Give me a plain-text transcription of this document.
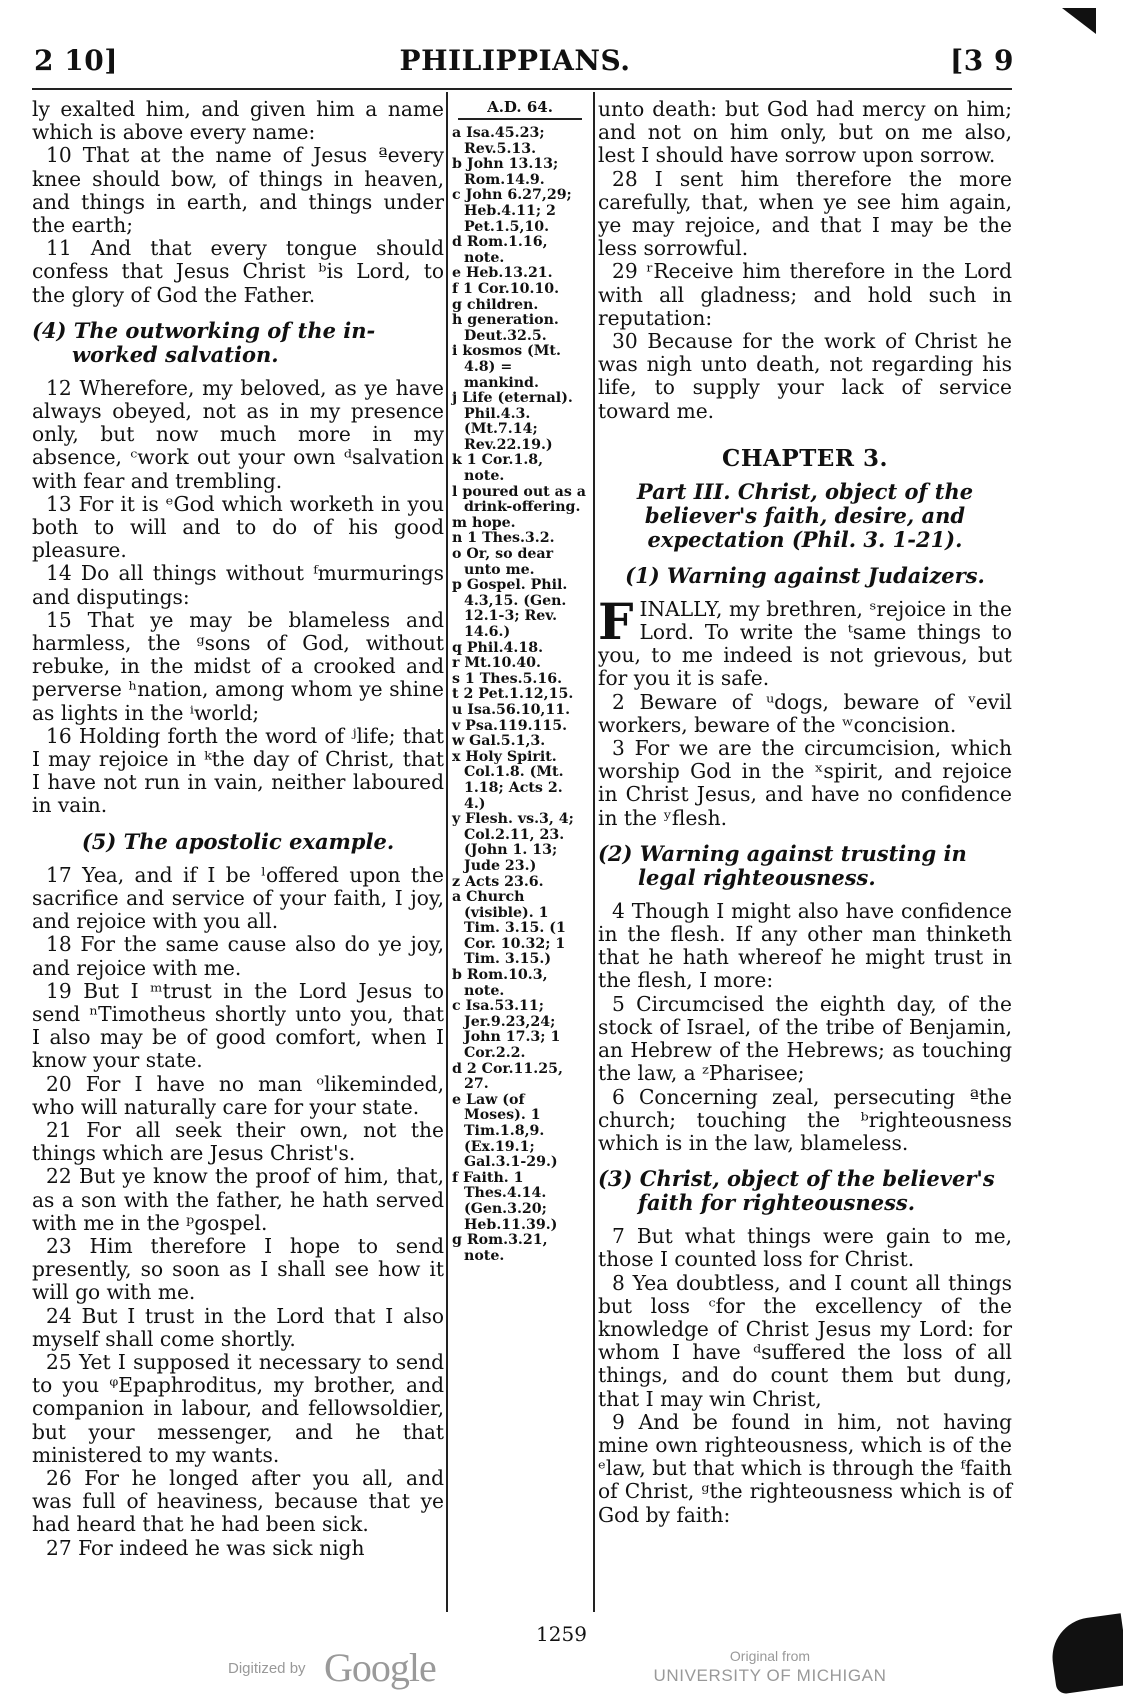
2 10]	PHILIPPIANS.	[3 9
ly exalted him, and given him a name which is above every name:
10 That at the name of Jesus ªevery knee should bow, of things in heaven, and things in earth, and things under the earth;
11 And that every tongue should confess that Jesus Christ ᵇis Lord, to the glory of God the Father.
(4) The outworking of the in-worked salvation.
12 Wherefore, my beloved, as ye have always obeyed, not as in my presence only, but now much more in my absence, ᶜwork out your own ᵈsalvation with fear and trembling.
13 For it is ᵉGod which worketh in you both to will and to do of his good pleasure.
14 Do all things without ᶠmurmurings and disputings:
15 That ye may be blameless and harmless, the ᵍsons of God, without rebuke, in the midst of a crooked and perverse ʰnation, among whom ye shine as lights in the ⁱworld;
16 Holding forth the word of ʲlife; that I may rejoice in ᵏthe day of Christ, that I have not run in vain, neither laboured in vain.
(5) The apostolic example.
17 Yea, and if I be ˡoffered upon the sacrifice and service of your faith, I joy, and rejoice with you all.
18 For the same cause also do ye joy, and rejoice with me.
19 But I ᵐtrust in the Lord Jesus to send ⁿTimotheus shortly unto you, that I also may be of good comfort, when I know your state.
20 For I have no man ᵒlikeminded, who will naturally care for your state.
21 For all seek their own, not the things which are Jesus Christ's.
22 But ye know the proof of him, that, as a son with the father, he hath served with me in the ᵖgospel.
23 Him therefore I hope to send presently, so soon as I shall see how it will go with me.
24 But I trust in the Lord that I also myself shall come shortly.
25 Yet I supposed it necessary to send to you ᵠEpaphroditus, my brother, and companion in labour, and fellowsoldier, but your messenger, and he that ministered to my wants.
26 For he longed after you all, and was full of heaviness, because that ye had heard that he had been sick.
27 For indeed he was sick nigh
A.D. 64.
a Isa.45.23; Rev.5.13.
b John 13.13; Rom.14.9.
c John 6.27,29; Heb.4.11; 2 Pet.1.5,10.
d Rom.1.16, note.
e Heb.13.21.
f 1 Cor.10.10.
g children.
h generation. Deut.32.5.
i kosmos (Mt. 4.8) = mankind.
j Life (eternal). Phil.4.3. (Mt.7.14; Rev.22.19.)
k 1 Cor.1.8, note.
l poured out as a drink-offering.
m hope.
n 1 Thes.3.2.
o Or, so dear unto me.
p Gospel. Phil. 4.3,15. (Gen. 12.1-3; Rev. 14.6.)
q Phil.4.18.
r Mt.10.40.
s 1 Thes.5.16.
t 2 Pet.1.12,15.
u Isa.56.10,11.
v Psa.119.115.
w Gal.5.1,3.
x Holy Spirit. Col.1.8. (Mt. 1.18; Acts 2. 4.)
y Flesh. vs.3, 4; Col.2.11, 23. (John 1. 13; Jude 23.)
z Acts 23.6.
a Church (visible). 1 Tim. 3.15. (1 Cor. 10.32; 1 Tim. 3.15.)
b Rom.10.3, note.
c Isa.53.11; Jer.9.23,24; John 17.3; 1 Cor.2.2.
d 2 Cor.11.25, 27.
e Law (of Moses). 1 Tim.1.8,9. (Ex.19.1; Gal.3.1-29.)
f Faith. 1 Thes.4.14. (Gen.3.20; Heb.11.39.)
g Rom.3.21, note.
unto death: but God had mercy on him; and not on him only, but on me also, lest I should have sorrow upon sorrow.
28 I sent him therefore the more carefully, that, when ye see him again, ye may rejoice, and that I may be the less sorrowful.
29 ʳReceive him therefore in the Lord with all gladness; and hold such in reputation:
30 Because for the work of Christ he was nigh unto death, not regarding his life, to supply your lack of service toward me.
CHAPTER 3.
Part III. Christ, object of the believer's faith, desire, and expectation (Phil. 3. 1-21).
(1) Warning against Judaizers.
FINALLY, my brethren, ˢrejoice in the Lord. To write the ᵗsame things to you, to me indeed is not grievous, but for you it is safe.
2 Beware of ᵘdogs, beware of ᵛevil workers, beware of the ʷconcision.
3 For we are the circumcision, which worship God in the ˣspirit, and rejoice in Christ Jesus, and have no confidence in the ʸflesh.
(2) Warning against trusting in legal righteousness.
4 Though I might also have confidence in the flesh. If any other man thinketh that he hath whereof he might trust in the flesh, I more:
5 Circumcised the eighth day, of the stock of Israel, of the tribe of Benjamin, an Hebrew of the Hebrews; as touching the law, a ᶻPharisee;
6 Concerning zeal, persecuting ªthe church; touching the ᵇrighteousness which is in the law, blameless.
(3) Christ, object of the believer's faith for righteousness.
7 But what things were gain to me, those I counted loss for Christ.
8 Yea doubtless, and I count all things but loss ᶜfor the excellency of the knowledge of Christ Jesus my Lord: for whom I have ᵈsuffered the loss of all things, and do count them but dung, that I may win Christ,
9 And be found in him, not having mine own righteousness, which is of the ᵉlaw, but that which is through the ᶠfaith of Christ, ᵍthe righteousness which is of God by faith:
1259
Digitized by Google	Original from
UNIVERSITY OF MICHIGAN
